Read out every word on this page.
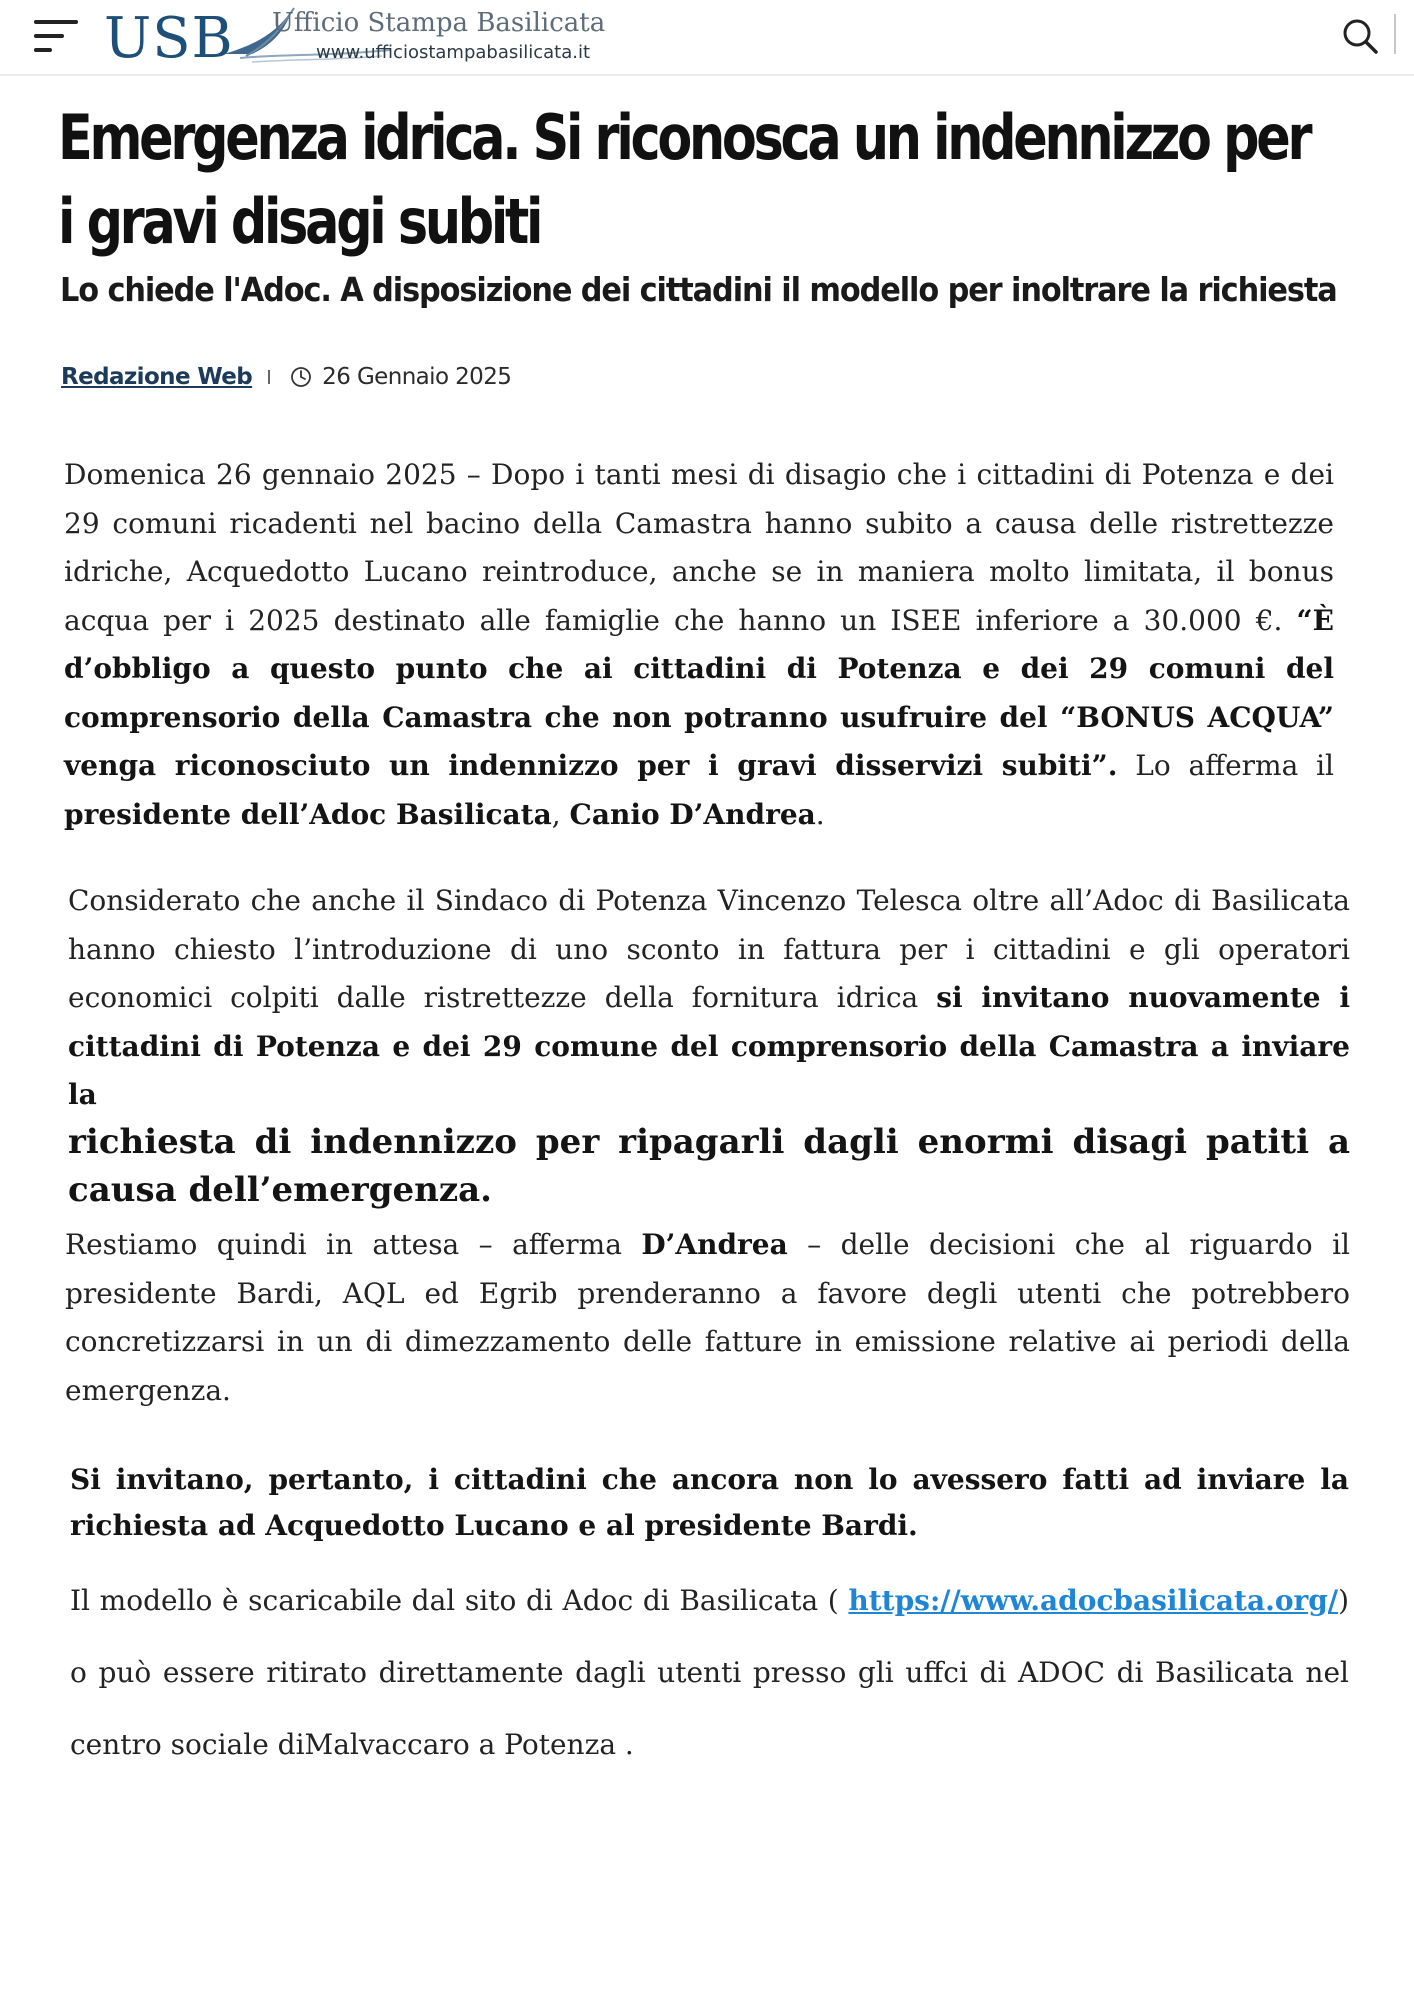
USB Ufficio Stampa Basilicata
www.ufficiostampabasilicata.it
Emergenza idrica. Si riconosca un indennizzo per i gravi disagi subiti
Lo chiede l'Adoc. A disposizione dei cittadini il modello per inoltrare la richiesta
Redazione Web	26 Gennaio 2025

Domenica 26 gennaio 2025 – Dopo i tanti mesi di disagio che i cittadini di Potenza e dei 29 comuni ricadenti nel bacino della Camastra hanno subito a causa delle ristrettezze idriche, Acquedotto Lucano reintroduce, anche se in maniera molto limitata, il bonus acqua per i 2025 destinato alle famiglie che hanno un ISEE inferiore a 30.000 €. “È d’obbligo a questo punto che ai cittadini di Potenza e dei 29 comuni del comprensorio della Camastra che non potranno usufruire del “BONUS ACQUA” venga riconosciuto un indennizzo per i gravi disservizi subiti”. Lo afferma il presidente dell’Adoc Basilicata, Canio D’Andrea.

Considerato che anche il Sindaco di Potenza Vincenzo Telesca oltre all’Adoc di Basilicata hanno chiesto l’introduzione di uno sconto in fattura per i cittadini e gli operatori economici colpiti dalle ristrettezze della fornitura idrica si invitano nuovamente i cittadini di Potenza e dei 29 comune del comprensorio della Camastra a inviare la
richiesta di indennizzo per ripagarli dagli enormi disagi patiti a causa dell’emergenza.

Restiamo quindi in attesa – afferma D’Andrea – delle decisioni che al riguardo il presidente Bardi, AQL ed Egrib prenderanno a favore degli utenti che potrebbero concretizzarsi in un di dimezzamento delle fatture in emissione relative ai periodi della emergenza.

Si invitano, pertanto, i cittadini che ancora non lo avessero fatti ad inviare la richiesta ad Acquedotto Lucano e al presidente Bardi.

Il modello è scaricabile dal sito di Adoc di Basilicata ( https://www.adocbasilicata.org/) o può essere ritirato direttamente dagli utenti presso gli uffci di ADOC di Basilicata nel centro sociale diMalvaccaro a Potenza .
